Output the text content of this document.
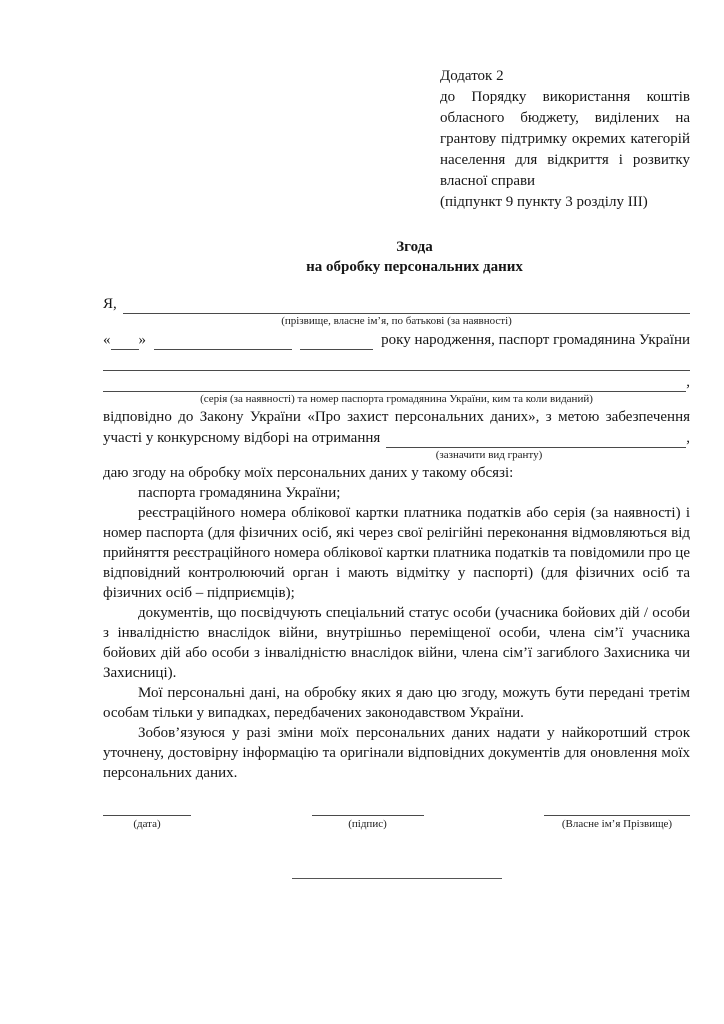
Додаток 2

до Порядку використання коштів обласного бюджету, виділених на грантову підтримку окремих категорій населення для відкриття і розвитку власної справи

(підпункт 9 пункту 3 розділу III)

Згода
на обробку персональних даних
Я,
(прізвище, власне ім’я, по батькові (за наявності)
« »	року народження, паспорт громадянина України
,
(серія (за наявності) та номер паспорта громадянина України, ким та коли виданий)

відповідно до Закону України «Про захист персональних даних», з метою забезпечення

участі у конкурсному відборі на отримання	,
(зазначити вид гранту)

даю згоду на обробку моїх персональних даних у такому обсязі:

паспорта громадянина України;

реєстраційного номера облікової картки платника податків або серія (за наявності) і номер паспорта (для фізичних осіб, які через свої релігійні переконання відмовляються від прийняття реєстраційного номера облікової картки платника податків та повідомили про це відповідний контролюючий орган і мають відмітку у паспорті) (для фізичних осіб та фізичних осіб – підприємців);

документів, що посвідчують спеціальний статус особи (учасника бойових дій / особи з інвалідністю внаслідок війни, внутрішньо переміщеної особи, члена сім’ї учасника бойових дій або особи з інвалідністю внаслідок війни, члена сім’ї загиблого Захисника чи Захисниці).

Мої персональні дані, на обробку яких я даю цю згоду, можуть бути передані третім особам тільки у випадках, передбачених законодавством України.

Зобов’язуюся у разі зміни моїх персональних даних надати у найкоротший строк уточнену, достовірну інформацію та оригінали відповідних документів для оновлення моїх персональних даних.

(дата)	(підпис)	(Власне ім’я Прізвище)
